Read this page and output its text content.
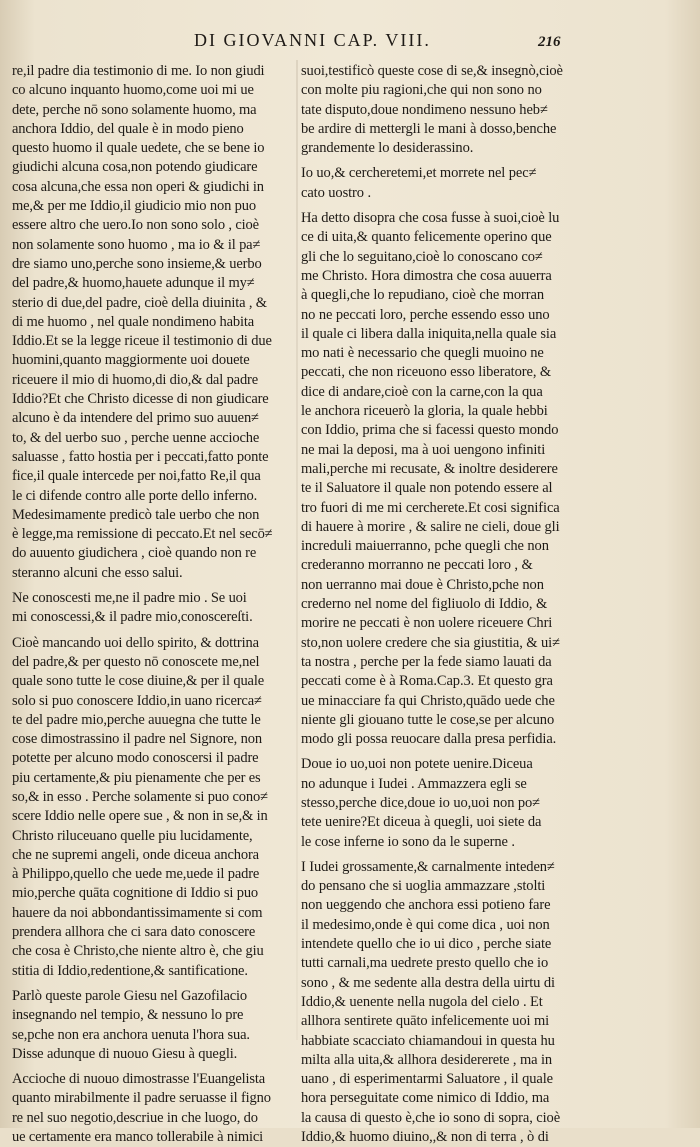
DI GIOVANNI CAP. VIII.	216
re,il padre dia testimonio di me. Io non giudi
co alcuno inquanto huomo,come uoi mi ue
dete, perche nō sono solamente huomo, ma
anchora Iddio, del quale è in modo pieno
questo huomo il quale uedete, che se bene io
giudichi alcuna cosa,non potendo giudicare
cosa alcuna,che essa non operi & giudichi in
me,& per me Iddio,il giudicio mio non puo
essere altro che uero.Io non sono solo , cioè
non solamente sono huomo , ma io & il pa≠
dre siamo uno,perche sono insieme,& uerbo
del padre,& huomo,hauete adunque il my≠
sterio di due,del padre, cioè della diuinita , &
di me huomo , nel quale nondimeno habita
Iddio.Et se la legge riceue il testimonio di due
huomini,quanto maggiormente uoi douete
riceuere il mio di huomo,di dio,& dal padre
Iddio?Et che Christo dicesse di non giudicare
alcuno è da intendere del primo suo auuen≠
to, & del uerbo suo , perche uenne accioche
saluasse , fatto hostia per i peccati,fatto ponte
fice,il quale intercede per noi,fatto Re,il qua
le ci difende contro alle porte dello inferno.
Medesimamente predicò tale uerbo che non
è legge,ma remissione di peccato.Et nel secō≠
do auuento giudichera , cioè quando non re
steranno alcuni che esso salui.
Ne conoscesti me,ne il padre mio . Se uoi
mi conoscessi,& il padre mio,conoscereſti.
Cioè mancando uoi dello spirito, & dottrina
del padre,& per questo nō conoscete me,nel
quale sono tutte le cose diuine,& per il quale
solo si puo conoscere Iddio,in uano ricerca≠
te del padre mio,perche auuegna che tutte le
cose dimostrassino il padre nel Signore, non
potette per alcuno modo conoscersi il padre
piu certamente,& piu pienamente che per es
so,& in esso . Perche solamente si puo cono≠
scere Iddio nelle opere sue , & non in se,& in
Christo riluceuano quelle piu lucidamente,
che ne supremi angeli, onde diceua anchora
à Philippo,quello che uede me,uede il padre
mio,perche quāta cognitione di Iddio si puo
hauere da noi abbondantissimamente si com
prendera allhora che ci sara dato conoscere
che cosa è Christo,che niente altro è, che giu
stitia di Iddio,redentione,& santificatione.
Parlò queste parole Giesu nel Gazofilacio
insegnando nel tempio, & nessuno lo pre
se,pche non era anchora uenuta l'hora sua.
Disse adunque di nuouo Giesu à quegli.
Accioche di nuouo dimostrasse l'Euangelista
quanto mirabilmente il padre seruasse il figno
re nel suo negotio,descriue in che luogo, do
ue certamente era manco tollerabile à nimici
suoi,testificò queste cose di se,& insegnò,cioè
con molte piu ragioni,che qui non sono no
tate disputo,doue nondimeno nessuno heb≠
be ardire di mettergli le mani à dosso,benche
grandemente lo desiderassino.
Io uo,& cercheretemi,et morrete nel pec≠
cato uostro .
Ha detto disopra che cosa fusse à suoi,cioè lu
ce di uita,& quanto felicemente operino que
gli che lo seguitano,cioè lo conoscano co≠
me Christo. Hora dimostra che cosa auuerra
à quegli,che lo repudiano, cioè che morran
no ne peccati loro, perche essendo esso uno
il quale ci libera dalla iniquita,nella quale sia
mo nati è necessario che quegli muoino ne
peccati, che non riceuono esso liberatore, &
dice di andare,cioè con la carne,con la qua
le anchora riceuerò la gloria, la quale hebbi
con Iddio, prima che si facessi questo mondo
ne mai la deposi, ma à uoi uengono infiniti
mali,perche mi recusate, & inoltre desiderere
te il Saluatore il quale non potendo essere al
tro fuori di me mi cercherete.Et cosi significa
di hauere à morire , & salire ne cieli, doue gli
increduli maiuerranno, pche quegli che non
crederanno morranno ne peccati loro , &
non uerranno mai doue è Christo,pche non
crederno nel nome del figliuolo di Iddio, &
morire ne peccati è non uolere riceuere Chri
sto,non uolere credere che sia giustitia, & ui≠
ta nostra , perche per la fede siamo lauati da
peccati come è à Roma.Cap.3. Et questo gra
ue minacciare fa qui Christo,quādo uede che
niente gli giouano tutte le cose,se per alcuno
modo gli possa reuocare dalla presa perfidia.
Doue io uo,uoi non potete uenire.Diceua
no adunque i Iudei . Ammazzera egli se
stesso,perche dice,doue io uo,uoi non po≠
tete uenire?Et diceua à quegli, uoi siete da
le cose inferne io sono da le superne .
I Iudei grossamente,& carnalmente inteden≠
do pensano che si uoglia ammazzare ,stolti
non ueggendo che anchora essi potieno fare
il medesimo,onde è qui come dica , uoi non
intendete quello che io ui dico , perche siate
tutti carnali,ma uedrete presto quello che io
sono , & me sedente alla destra della uirtu di
Iddio,& uenente nella nugola del cielo . Et
allhora sentirete quāto infelicemente uoi mi
habbiate scacciato chiamandoui in questa hu
milta alla uita,& allhora desidererete , ma in
uano , di esperimentarmi Saluatore , il quale
hora perseguitate come nimico di Iddio, ma
la causa di questo è,che io sono di sopra, cioè
Iddio,& huomo diuino,,& non di terra , ò di
